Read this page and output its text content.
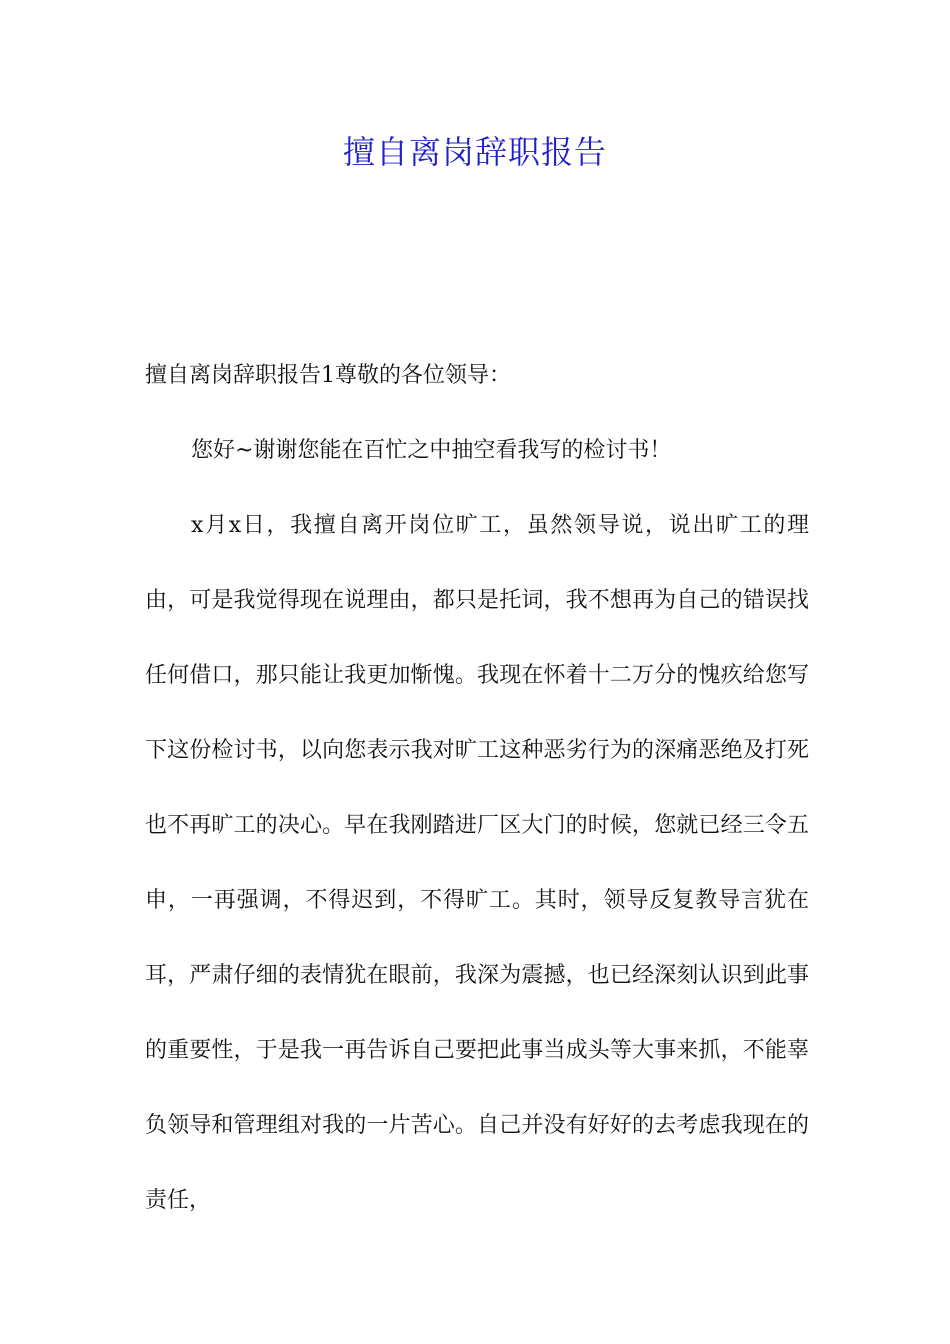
擅自离岗辞职报告

擅自离岗辞职报告1尊敬的各位领导：

您好~谢谢您能在百忙之中抽空看我写的检讨书！

x月x日，我擅自离开岗位旷工，虽然领导说，说出旷工的理由，可是我觉得现在说理由，都只是托词，我不想再为自己的错误找任何借口，那只能让我更加惭愧。我现在怀着十二万分的愧疚给您写下这份检讨书，以向您表示我对旷工这种恶劣行为的深痛恶绝及打死也不再旷工的决心。早在我刚踏进厂区大门的时候，您就已经三令五申，一再强调，不得迟到，不得旷工。其时，领导反复教导言犹在耳，严肃仔细的表情犹在眼前，我深为震撼，也已经深刻认识到此事的重要性，于是我一再告诉自己要把此事当成头等大事来抓，不能辜负领导和管理组对我的一片苦心。自己并没有好好的去考虑我现在的责任，
